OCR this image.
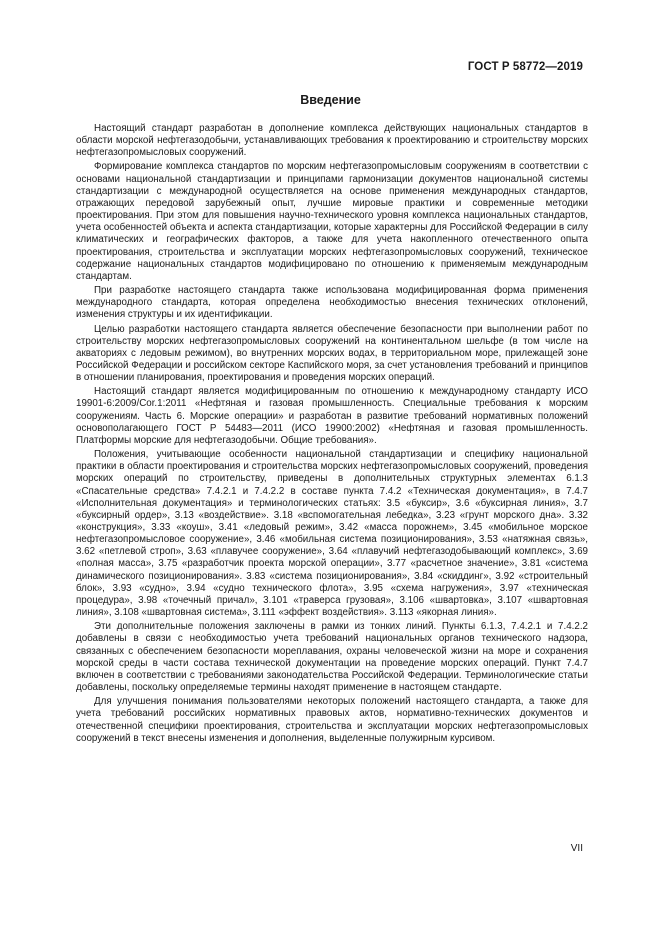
ГОСТ Р 58772—2019
Введение

Настоящий стандарт разработан в дополнение комплекса действующих национальных стандартов в области морской нефтегазодобычи, устанавливающих требования к проектированию и строительству морских нефтегазопромысловых сооружений.

Формирование комплекса стандартов по морским нефтегазопромысловым сооружениям в соответствии с основами национальной стандартизации и принципами гармонизации документов национальной системы стандартизации с международной осуществляется на основе применения международных стандартов, отражающих передовой зарубежный опыт, лучшие мировые практики и современные методики проектирования. При этом для повышения научно-технического уровня комплекса национальных стандартов, учета особенностей объекта и аспекта стандартизации, которые характерны для Российской Федерации в силу климатических и географических факторов, а также для учета накопленного отечественного опыта проектирования, строительства и эксплуатации морских нефтегазопромысловых сооружений, техническое содержание национальных стандартов модифицировано по отношению к применяемым международным стандартам.

При разработке настоящего стандарта также использована модифицированная форма применения международного стандарта, которая определена необходимостью внесения технических отклонений, изменения структуры и их идентификации.

Целью разработки настоящего стандарта является обеспечение безопасности при выполнении работ по строительству морских нефтегазопромысловых сооружений на континентальном шельфе (в том числе на акваториях с ледовым режимом), во внутренних морских водах, в территориальном море, прилежащей зоне Российской Федерации и российском секторе Каспийского моря, за счет установления требований и принципов в отношении планирования, проектирования и проведения морских операций.

Настоящий стандарт является модифицированным по отношению к международному стандарту ИСО 19901-6:2009/Cor.1:2011 «Нефтяная и газовая промышленность. Специальные требования к морским сооружениям. Часть 6. Морские операции» и разработан в развитие требований нормативных положений основополагающего ГОСТ Р 54483—2011 (ИСО 19900:2002) «Нефтяная и газовая промышленность. Платформы морские для нефтегазодобычи. Общие требования».

Положения, учитывающие особенности национальной стандартизации и специфику национальной практики в области проектирования и строительства морских нефтегазопромысловых сооружений, проведения морских операций по строительству, приведены в дополнительных структурных элементах 6.1.3 «Спасательные средства» 7.4.2.1 и 7.4.2.2 в составе пункта 7.4.2 «Техническая документация», в 7.4.7 «Исполнительная документация» и терминологических статьях: 3.5 «буксир», 3.6 «буксирная линия», 3.7 «буксирный ордер», 3.13 «воздействие». 3.18 «вспомогательная лебедка», 3.23 «грунт морского дна». 3.32 «конструкция», 3.33 «коуш», 3.41 «ледовый режим», 3.42 «масса порожнем», 3.45 «мобильное морское нефтегазопромысловое сооружение», 3.46 «мобильная система позиционирования», 3.53 «натяжная связь», 3.62 «петлевой строп», 3.63 «плавучее сооружение», 3.64 «плавучий нефтегазодобывающий комплекс», 3.69 «полная масса», 3.75 «разработчик проекта морской операции», 3.77 «расчетное значение», 3.81 «система динамического позиционирования». 3.83 «система позиционирования», 3.84 «скиддинг», 3.92 «строительный блок», 3.93 «судно», 3.94 «судно технического флота», 3.95 «схема нагружения», 3.97 «техническая процедура», 3.98 «точечный причал», 3.101 «траверса грузовая», 3.106 «швартовка», 3.107 «швартовная линия», 3.108 «швартовная система», 3.111 «эффект воздействия». 3.113 «якорная линия».

Эти дополнительные положения заключены в рамки из тонких линий. Пункты 6.1.3, 7.4.2.1 и 7.4.2.2 добавлены в связи с необходимостью учета требований национальных органов технического надзора, связанных с обеспечением безопасности мореплавания, охраны человеческой жизни на море и сохранения морской среды в части состава технической документации на проведение морских операций. Пункт 7.4.7 включен в соответствии с требованиями законодательства Российской Федерации. Терминологические статьи добавлены, поскольку определяемые термины находят применение в настоящем стандарте.

Для улучшения понимания пользователями некоторых положений настоящего стандарта, а также для учета требований российских нормативных правовых актов, нормативно-технических документов и отечественной специфики проектирования, строительства и эксплуатации морских нефтегазопромысловых сооружений в текст внесены изменения и дополнения, выделенные полужирным курсивом.

VII
